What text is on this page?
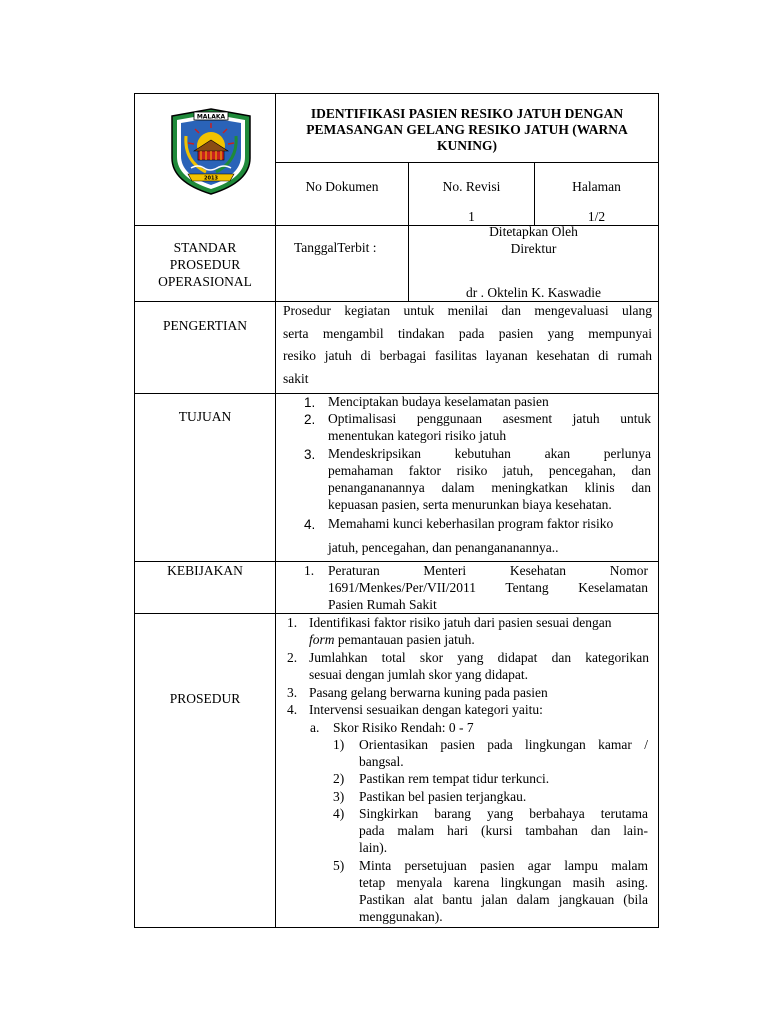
MALAKA
2013
IDENTIFIKASI PASIEN RESIKO JATUH DENGAN PEMASANGAN GELANG RESIKO JATUH (WARNA KUNING)
No Dokumen	No. Revisi
1
Halaman
1/2
STANDAR
PROSEDUR
OPERASIONAL
TanggalTerbit :
Ditetapkan Oleh
Direktur
dr . Oktelin K. Kaswadie
PENGERTIAN
Prosedur kegiatan untuk menilai dan mengevaluasi ulang
serta mengambil tindakan pada pasien yang mempunyai
resiko jatuh di berbagai fasilitas layanan kesehatan di rumah
sakit
TUJUAN
1. Menciptakan budaya keselamatan pasien
2. Optimalisasi penggunaan asesment jatuh untuk
menentukan kategori risiko jatuh
3. Mendeskripsikan kebutuhan akan perlunya
pemahaman faktor risiko jatuh, pencegahan, dan
penangananannya dalam meningkatkan klinis dan
kepuasan pasien, serta menurunkan biaya kesehatan.
4. Memahami kunci keberhasilan program faktor risiko
jatuh, pencegahan, dan penangananannya..
KEBIJAKAN	1. Peraturan Menteri Kesehatan Nomor
1691/Menkes/Per/VII/2011 Tentang Keselamatan
Pasien Rumah Sakit
PROSEDUR
1. Identifikasi faktor risiko jatuh dari pasien sesuai dengan
form pemantauan pasien jatuh.
2. Jumlahkan total skor yang didapat dan kategorikan
sesuai dengan jumlah skor yang didapat.
3. Pasang gelang berwarna kuning pada pasien
4. Intervensi sesuaikan dengan kategori yaitu:
a. Skor Risiko Rendah: 0 - 7
1) Orientasikan pasien pada lingkungan kamar /
bangsal.
2) Pastikan rem tempat tidur terkunci.
3) Pastikan bel pasien terjangkau.
4) Singkirkan barang yang berbahaya terutama
pada malam hari (kursi tambahan dan lain-
lain).
5) Minta persetujuan pasien agar lampu malam
tetap menyala karena lingkungan masih asing.
Pastikan alat bantu jalan dalam jangkauan (bila
menggunakan).
